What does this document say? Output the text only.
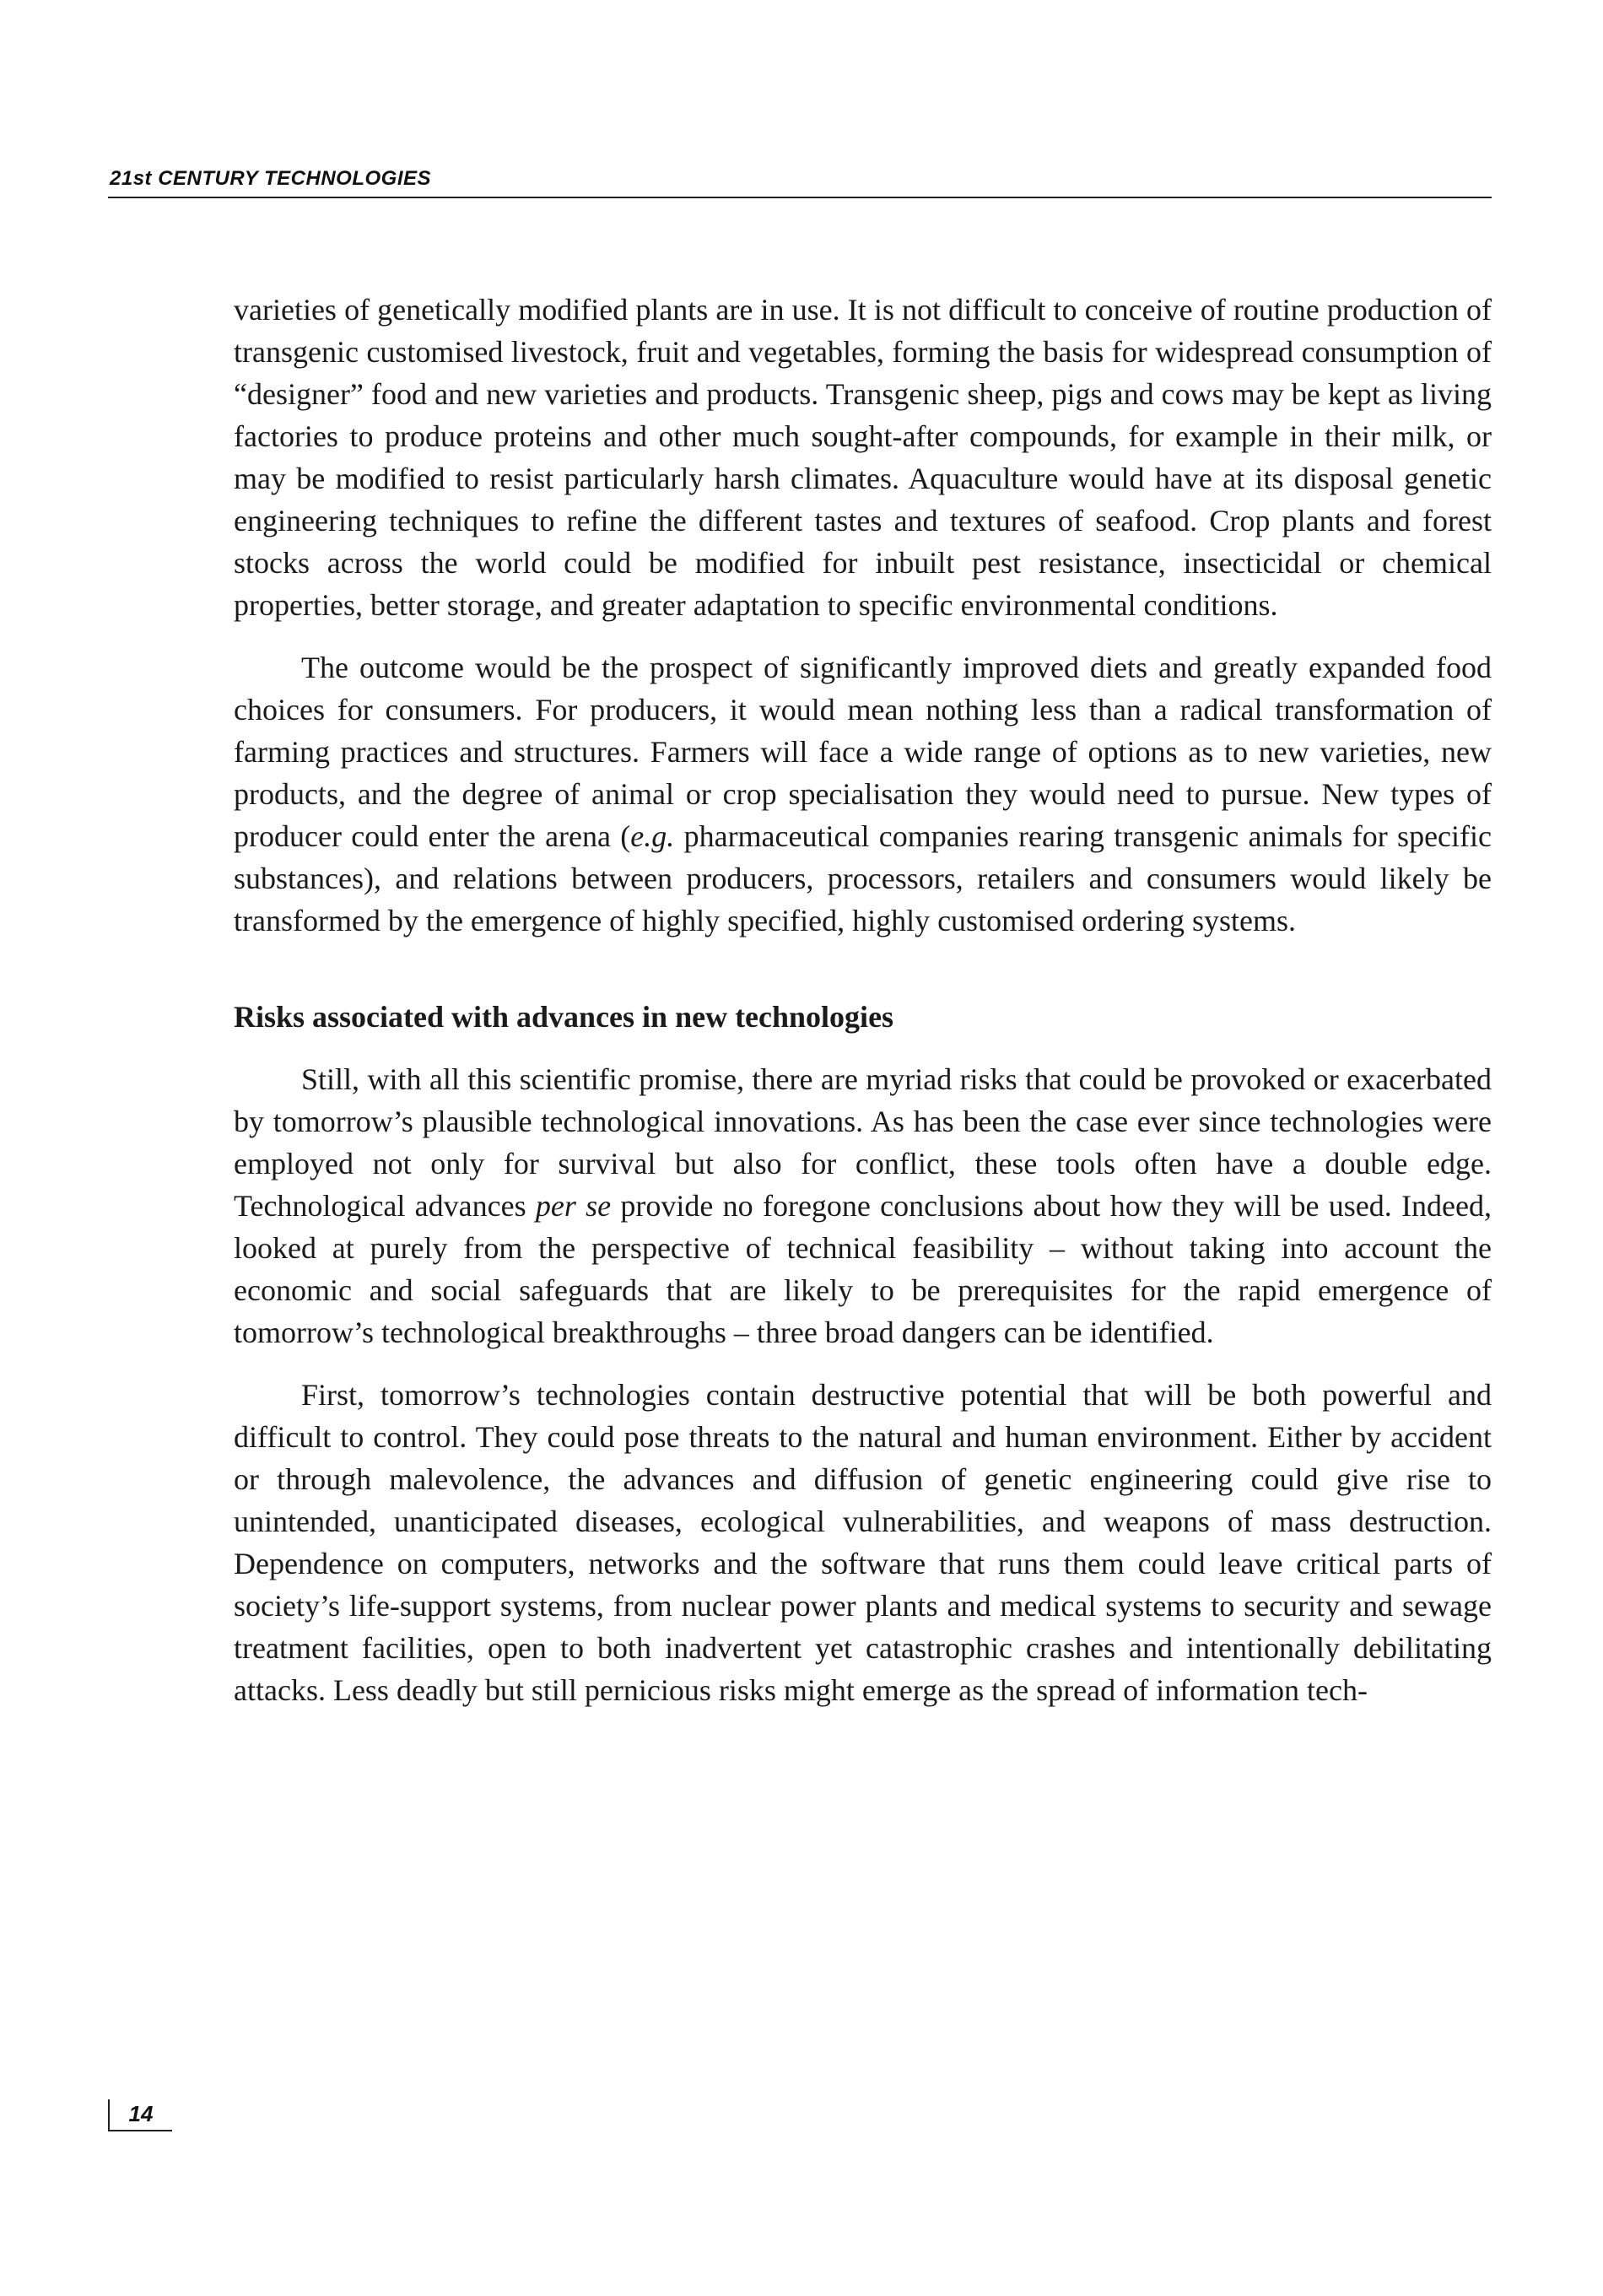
21st CENTURY TECHNOLOGIES

varieties of genetically modified plants are in use. It is not difficult to conceive of routine production of transgenic customised livestock, fruit and vegetables, forming the basis for widespread consumption of “designer” food and new varieties and products. Transgenic sheep, pigs and cows may be kept as living factories to produce proteins and other much sought-after compounds, for example in their milk, or may be modified to resist particularly harsh climates. Aquaculture would have at its disposal genetic engineering techniques to refine the different tastes and textures of seafood. Crop plants and forest stocks across the world could be modified for inbuilt pest resistance, insecticidal or chemical properties, better storage, and greater adaptation to specific environmental conditions.

The outcome would be the prospect of significantly improved diets and greatly expanded food choices for consumers. For producers, it would mean nothing less than a radical transformation of farming practices and structures. Farmers will face a wide range of options as to new varieties, new products, and the degree of animal or crop specialisation they would need to pursue. New types of producer could enter the arena (e.g. pharmaceutical companies rearing transgenic animals for specific substances), and relations between producers, processors, retailers and consumers would likely be transformed by the emergence of highly specified, highly customised ordering systems.

Risks associated with advances in new technologies

Still, with all this scientific promise, there are myriad risks that could be provoked or exacerbated by tomorrow’s plausible technological innovations. As has been the case ever since technologies were employed not only for survival but also for conflict, these tools often have a double edge. Technological advances per se provide no foregone conclusions about how they will be used. Indeed, looked at purely from the perspective of technical feasibility – without taking into account the economic and social safeguards that are likely to be prerequisites for the rapid emergence of tomorrow’s technological breakthroughs – three broad dangers can be identified.

First, tomorrow’s technologies contain destructive potential that will be both powerful and difficult to control. They could pose threats to the natural and human environment. Either by accident or through malevolence, the advances and diffusion of genetic engineering could give rise to unintended, unanticipated diseases, ecological vulnerabilities, and weapons of mass destruction. Dependence on computers, networks and the software that runs them could leave critical parts of society’s life-support systems, from nuclear power plants and medical systems to security and sewage treatment facilities, open to both inadvertent yet catastrophic crashes and intentionally debilitating attacks. Less deadly but still pernicious risks might emerge as the spread of information tech-

14
